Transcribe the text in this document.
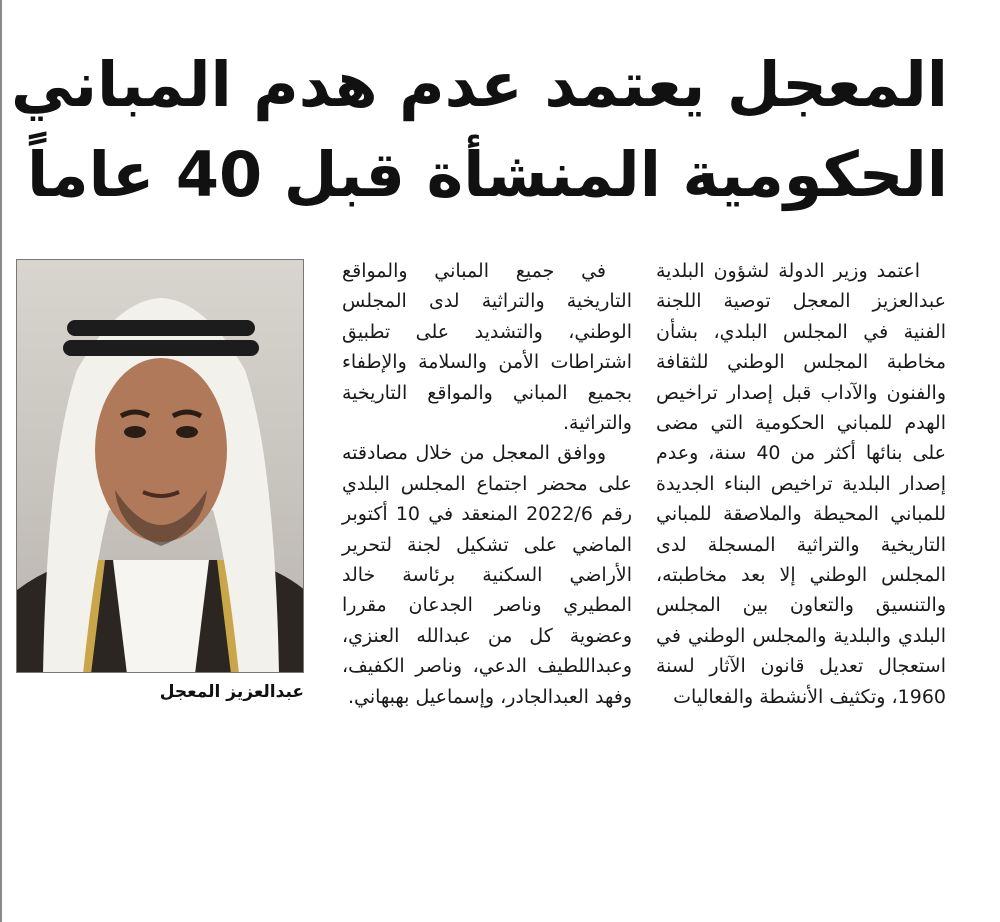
المعجل يعتمد عدم هدم المباني
الحكومية المنشأة قبل 40 عاماً

اعتمد وزير الدولة لشؤون البلدية عبدالعزيز المعجل توصية اللجنة الفنية في المجلس البلدي، بشأن مخاطبة المجلس الوطني للثقافة والفنون والآداب قبل إصدار تراخيص الهدم للمباني الحكومية التي مضى على بنائها أكثر من 40 سنة، وعدم إصدار البلدية تراخيص البناء الجديدة للمباني المحيطة والملاصقة للمباني التاريخية والتراثية المسجلة لدى المجلس الوطني إلا بعد مخاطبته، والتنسيق والتعاون بين المجلس البلدي والبلدية والمجلس الوطني في استعجال تعديل قانون الآثار لسنة 1960، وتكثيف الأنشطة والفعاليات

في جميع المباني والمواقع التاريخية والتراثية لدى المجلس الوطني، والتشديد على تطبيق اشتراطات الأمن والسلامة والإطفاء بجميع المباني والمواقع التاريخية والتراثية.

ووافق المعجل من خلال مصادقته على محضر اجتماع المجلس البلدي رقم 2022/6 المنعقد في 10 أكتوبر الماضي على تشكيل لجنة لتحرير الأراضي السكنية برئاسة خالد المطيري وناصر الجدعان مقررا وعضوية كل من عبدالله العنزي، وعبداللطيف الدعي، وناصر الكفيف، وفهد العبدالجادر، وإسماعيل بهبهاني.

عبدالعزيز المعجل
